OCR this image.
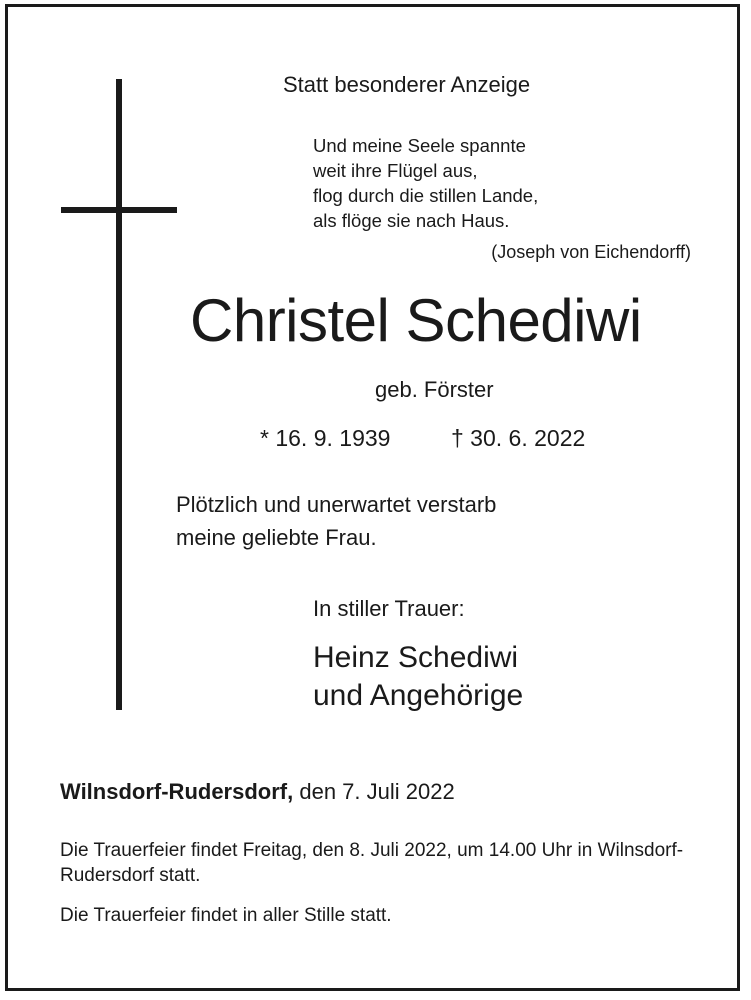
Statt besonderer Anzeige

Und meine Seele spannte
weit ihre Flügel aus,
flog durch die stillen Lande,
als flöge sie nach Haus.

(Joseph von Eichendorff)

Christel Schediwi

geb. Förster

* 16. 9. 1939	† 30. 6. 2022

Plötzlich und unerwartet verstarb
meine geliebte Frau.

In stiller Trauer:

Heinz Schediwi
und Angehörige

Wilnsdorf-Rudersdorf, den 7. Juli 2022

Die Trauerfeier findet Freitag, den 8. Juli 2022, um 14.00 Uhr in Wilnsdorf-Rudersdorf statt.

Die Trauerfeier findet in aller Stille statt.
